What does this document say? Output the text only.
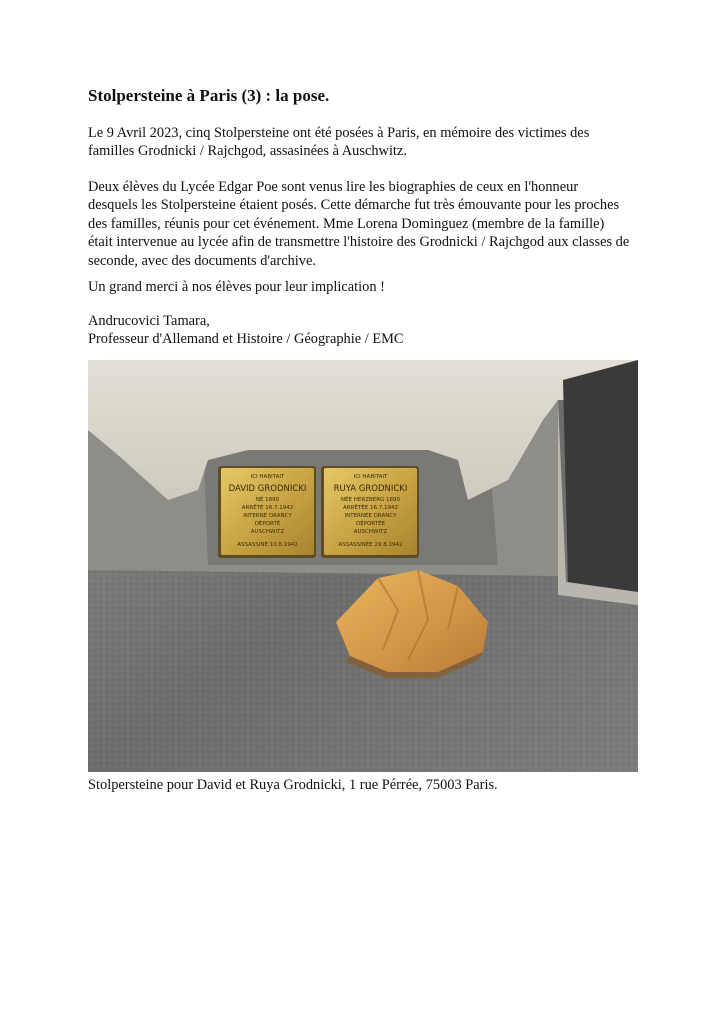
Stolpersteine à Paris (3) : la pose.

Le 9 Avril 2023, cinq Stolpersteine ont été posées à Paris, en mémoire des victimes des
familles Grodnicki / Rajchgod, assasinées à Auschwitz.

Deux élèves du Lycée Edgar Poe sont venus lire les biographies de ceux en l'honneur
desquels les Stolpersteine étaient posés. Cette démarche fut très émouvante pour les proches
des familles, réunis pour cet événement. Mme Lorena Dominguez (membre de la famille)
était intervenue au lycée afin de transmettre l'histoire des Grodnicki / Rajchgod aux classes de
seconde, avec des documents d'archive.

Un grand merci à nos élèves pour leur implication !

Andrucovici Tamara,
Professeur d'Allemand et Histoire / Géographie / EMC

ICI HABITAIT
DAVID GRODNICKI
NÉ 1890
ARRÊTÉ 16.7.1942
INTERNÉ DRANCY
DÉPORTÉ
AUSCHWITZ
ASSASSINÉ 10.8.1942
ICI HABITAIT
RUYA GRODNICKI
NÉE HERZBERG 1890
ARRÊTÉE 16.7.1942
INTERNÉE DRANCY
DÉPORTÉE
AUSCHWITZ
ASSASSINÉE 29.8.1942

Stolpersteine pour David et Ruya Grodnicki, 1 rue Pérrée, 75003 Paris.
